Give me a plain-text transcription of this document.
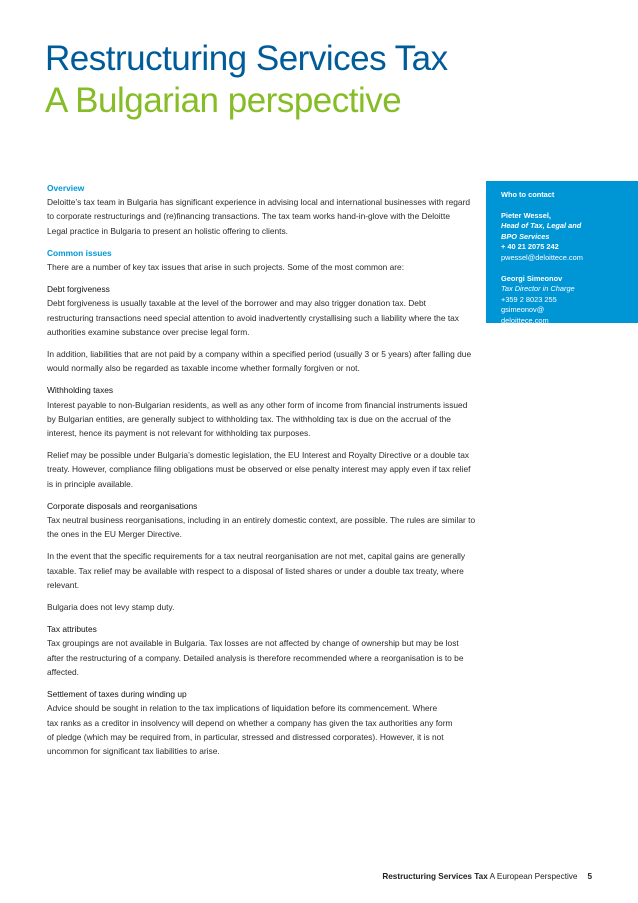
Restructuring Services Tax
A Bulgarian perspective

Overview

Deloitte’s tax team in Bulgaria has significant experience in advising local and international businesses with regard

to corporate restructurings and (re)financing transactions. The tax team works hand-in-glove with the Deloitte

Legal practice in Bulgaria to present an holistic offering to clients.

Common issues

There are a number of key tax issues that arise in such projects. Some of the most common are:

Debt forgiveness

Debt forgiveness is usually taxable at the level of the borrower and may also trigger donation tax. Debt

restructuring transactions need special attention to avoid inadvertently crystallising such a liability where the tax

authorities examine substance over precise legal form.

In addition, liabilities that are not paid by a company within a specified period (usually 3 or 5 years) after falling due

would normally also be regarded as taxable income whether formally forgiven or not.

Withholding taxes

Interest payable to non-Bulgarian residents, as well as any other form of income from financial instruments issued

by Bulgarian entities, are generally subject to withholding tax. The withholding tax is due on the accrual of the

interest, hence its payment is not relevant for withholding tax purposes.

Relief may be possible under Bulgaria’s domestic legislation, the EU Interest and Royalty Directive or a double tax

treaty. However, compliance filing obligations must be observed or else penalty interest may apply even if tax relief

is in principle available.

Corporate disposals and reorganisations

Tax neutral business reorganisations, including in an entirely domestic context, are possible. The rules are similar to

the ones in the EU Merger Directive.

In the event that the specific requirements for a tax neutral reorganisation are not met, capital gains are generally

taxable. Tax relief may be available with respect to a disposal of listed shares or under a double tax treaty, where

relevant.

Bulgaria does not levy stamp duty.

Tax attributes

Tax groupings are not available in Bulgaria. Tax losses are not affected by change of ownership but may be lost

after the restructuring of a company. Detailed analysis is therefore recommended where a reorganisation is to be

affected.

Settlement of taxes during winding up

Advice should be sought in relation to the tax implications of liquidation before its commencement. Where

tax ranks as a creditor in insolvency will depend on whether a company has given the tax authorities any form

of pledge (which may be required from, in particular, stressed and distressed corporates). However, it is not

uncommon for significant tax liabilities to arise.

Who to contact
Pieter Wessel,
Head of Tax, Legal and
BPO Services
+ 40 21 2075 242
pwessel@deloittece.com
Georgi Simeonov
Tax Director in Charge
+359 2 8023 255
gsimeonov@
deloittece.com
Restructuring Services Tax A European Perspective 5
